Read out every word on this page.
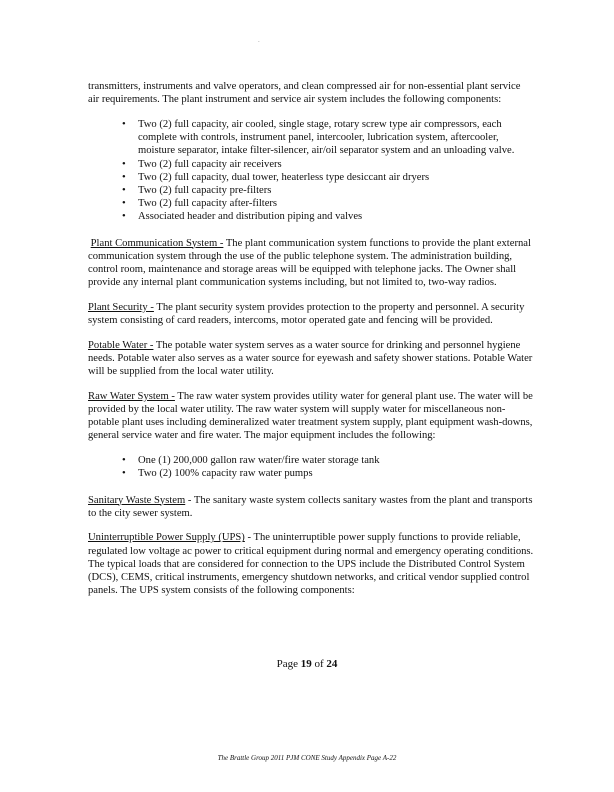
.

transmitters, instruments and valve operators, and clean compressed air for non-essential plant service air requirements. The plant instrument and service air system includes the following components:

• Two (2) full capacity, air cooled, single stage, rotary screw type air compressors, each complete with controls, instrument panel, intercooler, lubrication system, aftercooler, moisture separator, intake filter-silencer, air/oil separator system and an unloading valve.
• Two (2) full capacity air receivers
• Two (2) full capacity, dual tower, heaterless type desiccant air dryers
• Two (2) full capacity pre-filters
• Two (2) full capacity after-filters
• Associated header and distribution piping and valves

Plant Communication System - The plant communication system functions to provide the plant external communication system through the use of the public telephone system. The administration building, control room, maintenance and storage areas will be equipped with telephone jacks. The Owner shall provide any internal plant communication systems including, but not limited to, two-way radios.

Plant Security - The plant security system provides protection to the property and personnel. A security system consisting of card readers, intercoms, motor operated gate and fencing will be provided.

Potable Water - The potable water system serves as a water source for drinking and personnel hygiene needs. Potable water also serves as a water source for eyewash and safety shower stations. Potable Water will be supplied from the local water utility.

Raw Water System - The raw water system provides utility water for general plant use. The water will be provided by the local water utility. The raw water system will supply water for miscellaneous non-potable plant uses including demineralized water treatment system supply, plant equipment wash-downs, general service water and fire water. The major equipment includes the following:

• One (1) 200,000 gallon raw water/fire water storage tank
• Two (2) 100% capacity raw water pumps

Sanitary Waste System - The sanitary waste system collects sanitary wastes from the plant and transports to the city sewer system.

Uninterruptible Power Supply (UPS) - The uninterruptible power supply functions to provide reliable, regulated low voltage ac power to critical equipment during normal and emergency operating conditions. The typical loads that are considered for connection to the UPS include the Distributed Control System (DCS), CEMS, critical instruments, emergency shutdown networks, and critical vendor supplied control panels. The UPS system consists of the following components:

Page 19 of 24
The Brattle Group 2011 PJM CONE Study Appendix Page A-22
